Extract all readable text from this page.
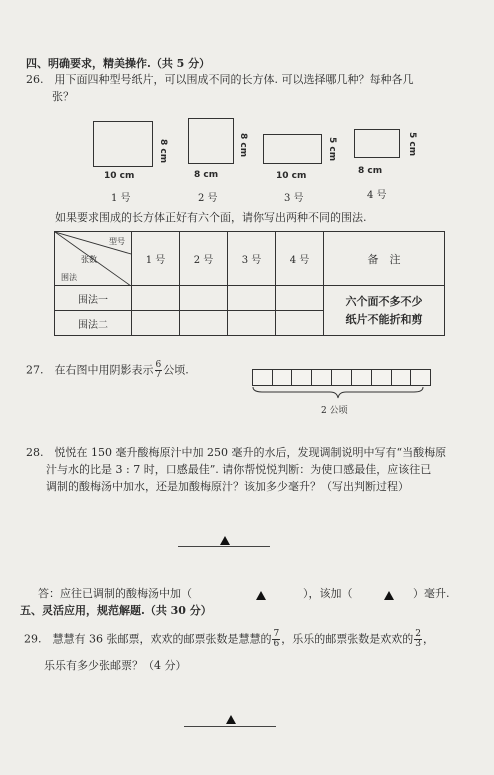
四、明确要求，精美操作.（共 5 分）
26.　用下面四种型号纸片，可以围成不同的长方体. 可以选择哪几种？每种各几
张？
8 cm
10 cm
1 号
8 cm
8 cm
2 号
5 cm
10 cm
3 号
5 cm
8 cm
4 号
如果要求围成的长方体正好有六个面，请你写出两种不同的围法.
型号
张数
围法	1 号	2 号	3 号	4 号	备　注
围法一					六个面不多不少
纸片不能折和剪

围法二					
27.　在右图中用阴影表示 $\frac{6}{7}$ 公顷.
2 公顷
28.　悦悦在 150 毫升酸梅原汁中加 250 毫升的水后，发现调制说明中写有“当酸梅原
汁与水的比是 3 : 7 时，口感最佳”. 请你帮悦悦判断：为使口感最佳，应该往已
调制的酸梅汤中加水，还是加酸梅原汁？该加多少毫升？（写出判断过程）
答：应往已调制的酸梅汤中加（	），该加（	）毫升.
五、灵活应用，规范解题.（共 30 分）
29.　慧慧有 36 张邮票，欢欢的邮票张数是慧慧的 $\frac{7}{6}$ ，乐乐的邮票张数是欢欢的 $\frac{2}{3}$ ，
乐乐有多少张邮票？（4 分）
